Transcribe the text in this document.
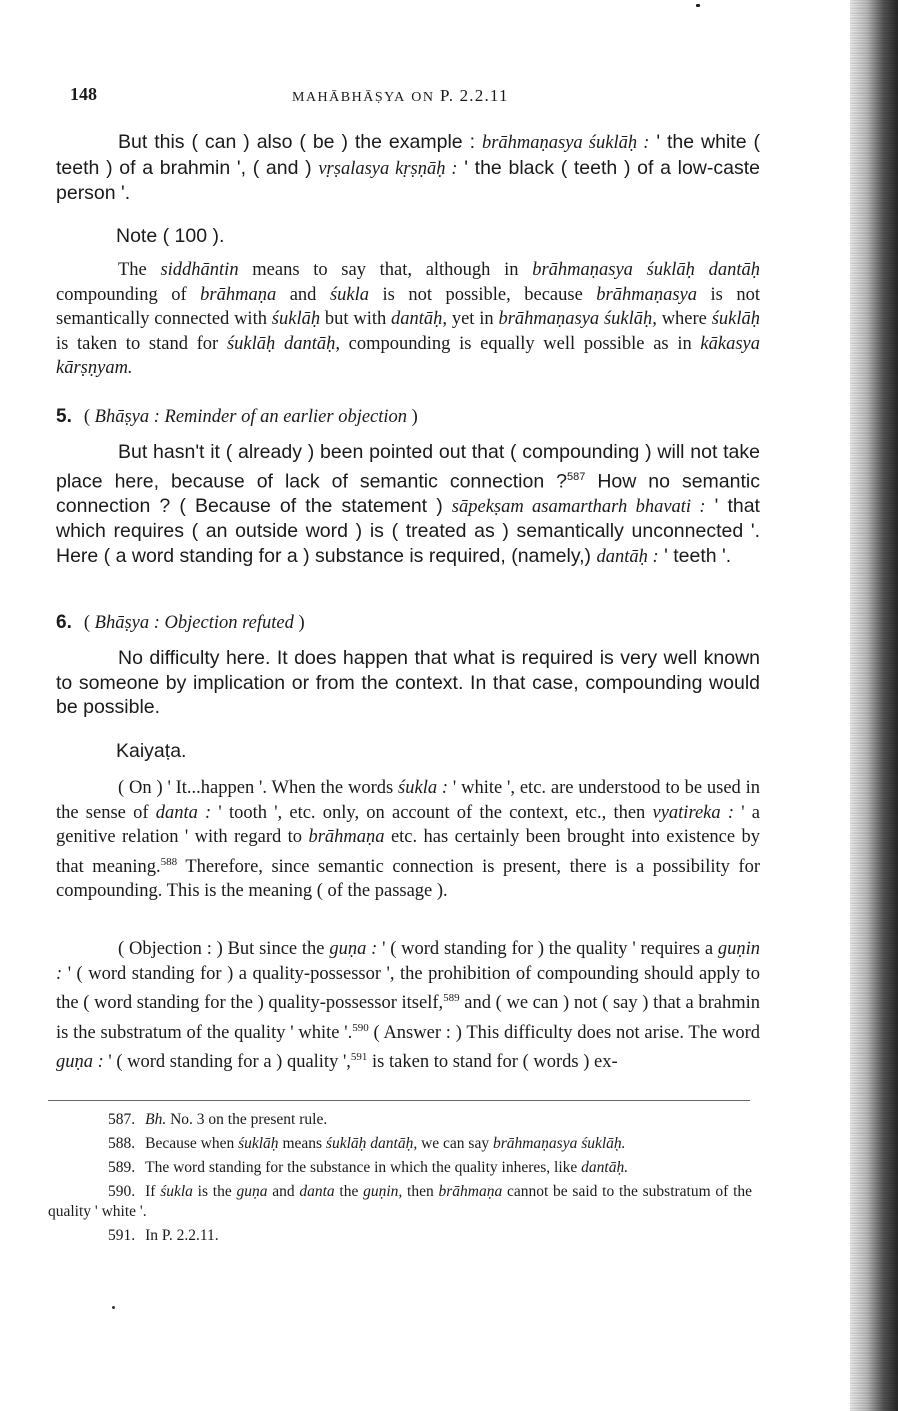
148	MAHĀBHĀṢYA ON P. 2.2.11

But this ( can ) also ( be ) the example : brāhmaṇasya śuklāḥ : ' the white ( teeth ) of a brahmin ', ( and ) vṛṣalasya kṛṣṇāḥ : ' the black ( teeth ) of a low-caste person '.

Note ( 100 ).

The siddhāntin means to say that, although in brāhmaṇasya śuklāḥ dantāḥ compounding of brāhmaṇa and śukla is not possible, because brāhmaṇasya is not semantically connected with śuklāḥ but with dantāḥ, yet in brāhmaṇasya śuklāḥ, where śuklāḥ is taken to stand for śuklāḥ dantāḥ, compounding is equally well possible as in kākasya kārṣṇyam.

5. ( Bhāṣya : Reminder of an earlier objection )

But hasn't it ( already ) been pointed out that ( compounding ) will not take place here, because of lack of semantic connection ?$^{587}$ How no semantic connection ? ( Because of the statement ) sāpekṣam asamartharh bhavati : ' that which requires ( an outside word ) is ( treated as ) semantically unconnected '. Here ( a word standing for a ) substance is required, (namely,) dantāḥ : ' teeth '.

6. ( Bhāṣya : Objection refuted )

No difficulty here. It does happen that what is required is very well known to someone by implication or from the context. In that case, compounding would be possible.

Kaiyaṭa.

( On ) ' It...happen '. When the words śukla : ' white ', etc. are understood to be used in the sense of danta : ' tooth ', etc. only, on account of the context, etc., then vyatireka : ' a genitive relation ' with regard to brāhmaṇa etc. has certainly been brought into existence by that meaning.$^{588}$ Therefore, since semantic connection is present, there is a possibility for compounding. This is the meaning ( of the passage ).

( Objection : ) But since the guṇa : ' ( word standing for ) the quality ' requires a guṇin : ' ( word standing for ) a quality-possessor ', the prohibition of compounding should apply to the ( word standing for the ) quality-possessor itself,$^{589}$ and ( we can ) not ( say ) that a brahmin is the substratum of the quality ' white '.$^{590}$ ( Answer : ) This difficulty does not arise. The word guṇa : ' ( word standing for a ) quality ',$^{591}$ is taken to stand for ( words ) ex-

587. Bh. No. 3 on the present rule.

588. Because when śuklāḥ means śuklāḥ dantāḥ, we can say brāhmaṇasya śuklāḥ.

589. The word standing for the substance in which the quality inheres, like dantāḥ.

590. If śukla is the guṇa and danta the guṇin, then brāhmaṇa cannot be said to the substratum of the quality ' white '.

591. In P. 2.2.11.
